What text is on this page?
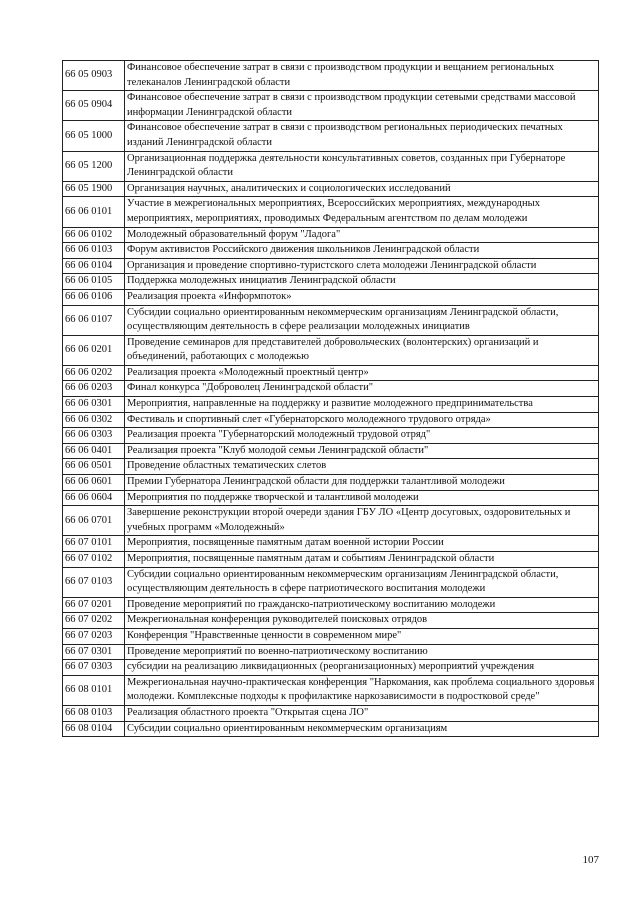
66 05 0903	Финансовое обеспечение затрат в связи с производством продукции и вещанием региональных телеканалов Ленинградской области
66 05 0904	Финансовое обеспечение затрат в связи с производством продукции сетевыми средствами массовой информации Ленинградской области
66 05 1000	Финансовое обеспечение затрат в связи с производством региональных периодических печатных изданий Ленинградской области
66 05 1200	Организационная поддержка деятельности консультативных советов, созданных при Губернаторе Ленинградской области
66 05 1900	Организация научных, аналитических и социологических исследований
66 06 0101	Участие в межрегиональных мероприятиях, Всероссийских мероприятиях, международных мероприятиях, мероприятиях, проводимых Федеральным агентством по делам молодежи
66 06 0102	Молодежный образовательный форум "Ладога"
66 06 0103	Форум активистов Российского движения школьников Ленинградской области
66 06 0104	Организация и проведение спортивно-туристского слета молодежи Ленинградской области
66 06 0105	Поддержка молодежных инициатив Ленинградской области
66 06 0106	Реализация проекта «Информпоток»
66 06 0107	Субсидии социально ориентированным некоммерческим организациям Ленинградской области, осуществляющим деятельность в сфере реализации молодежных инициатив
66 06 0201	Проведение семинаров для представителей добровольческих (волонтерских) организаций и объединений, работающих с молодежью
66 06 0202	Реализация проекта «Молодежный проектный центр»
66 06 0203	Финал конкурса "Доброволец Ленинградской области"
66 06 0301	Мероприятия, направленные на поддержку и развитие молодежного предпринимательства
66 06 0302	Фестиваль и спортивный слет «Губернаторского молодежного трудового отряда»
66 06 0303	Реализация проекта "Губернаторский молодежный трудовой отряд"
66 06 0401	Реализация проекта "Клуб молодой семьи Ленинградской области"
66 06 0501	Проведение областных тематических слетов
66 06 0601	Премии Губернатора Ленинградской области для поддержки талантливой молодежи
66 06 0604	Мероприятия по поддержке творческой и талантливой молодежи
66 06 0701	Завершение реконструкции второй очереди здания ГБУ ЛО «Центр досуговых, оздоровительных и учебных программ «Молодежный»
66 07 0101	Мероприятия, посвященные памятным датам военной истории России
66 07 0102	Мероприятия, посвященные памятным датам и событиям Ленинградской области
66 07 0103	Субсидии социально ориентированным некоммерческим организациям Ленинградской области, осуществляющим деятельность в сфере патриотического воспитания молодежи
66 07 0201	Проведение мероприятий по гражданско-патриотическому воспитанию молодежи
66 07 0202	Межрегиональная конференция руководителей поисковых отрядов
66 07 0203	Конференция "Нравственные ценности в современном мире"
66 07 0301	Проведение мероприятий по военно-патриотическому воспитанию
66 07 0303	субсидии на реализацию ликвидационных (реорганизационных) мероприятий учреждения
66 08 0101	Межрегиональная научно-практическая конференция "Наркомания, как проблема социального здоровья молодежи. Комплексные подходы к профилактике наркозависимости в подростковой среде"
66 08 0103	Реализация областного проекта "Открытая сцена ЛО"
66 08 0104	Субсидии социально ориентированным некоммерческим организациям
107
